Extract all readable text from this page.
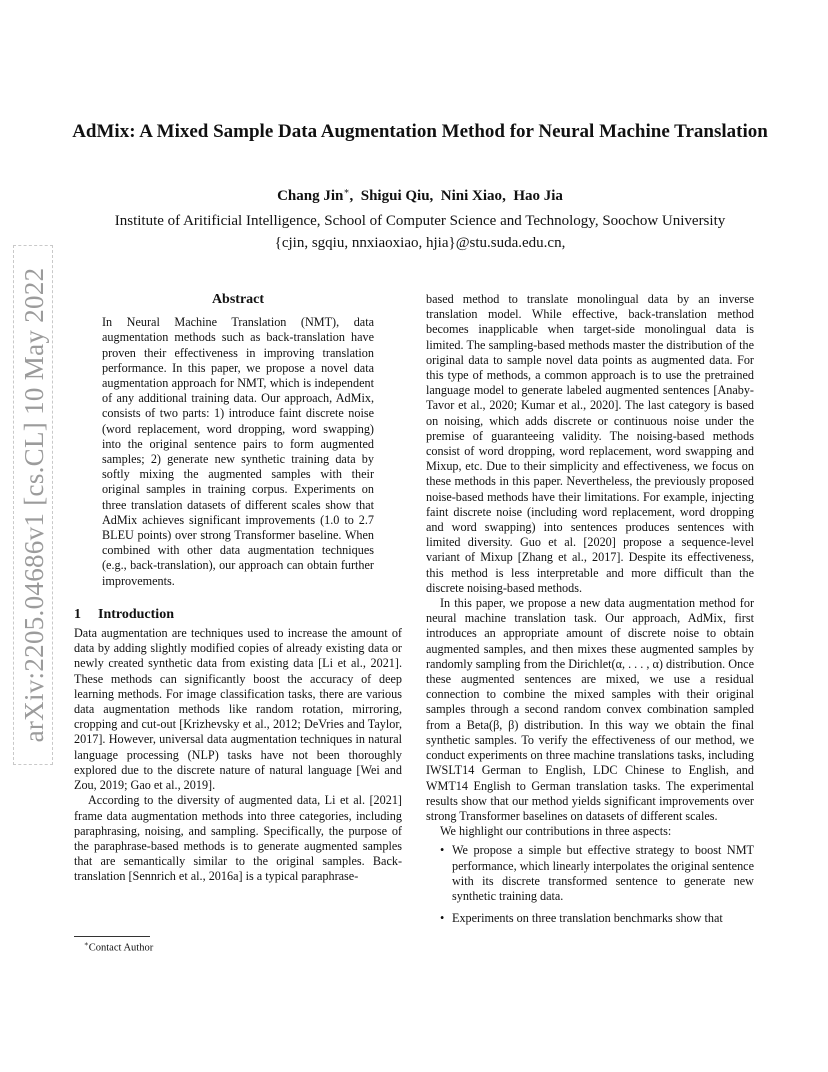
arXiv:2205.04686v1 [cs.CL] 10 May 2022
AdMix: A Mixed Sample Data Augmentation Method for Neural Machine Translation
Chang Jin∗,  Shigui Qiu,  Nini Xiao,  Hao Jia
Institute of Aritificial Intelligence, School of Computer Science and Technology, Soochow University
{cjin, sgqiu, nnxiaoxiao, hjia}@stu.suda.edu.cn,
Abstract

In Neural Machine Translation (NMT), data augmentation methods such as back-translation have proven their effectiveness in improving translation performance. In this paper, we propose a novel data augmentation approach for NMT, which is independent of any additional training data. Our approach, AdMix, consists of two parts: 1) introduce faint discrete noise (word replacement, word dropping, word swapping) into the original sentence pairs to form augmented samples; 2) generate new synthetic training data by softly mixing the augmented samples with their original samples in training corpus. Experiments on three translation datasets of different scales show that AdMix achieves significant improvements (1.0 to 2.7 BLEU points) over strong Transformer baseline. When combined with other data augmentation techniques (e.g., back-translation), our approach can obtain further improvements.

1 Introduction

Data augmentation are techniques used to increase the amount of data by adding slightly modified copies of already existing data or newly created synthetic data from existing data [Li et al., 2021]. These methods can significantly boost the accuracy of deep learning methods. For image classification tasks, there are various data augmentation methods like random rotation, mirroring, cropping and cut-out [Krizhevsky et al., 2012; DeVries and Taylor, 2017]. However, universal data augmentation techniques in natural language processing (NLP) tasks have not been thoroughly explored due to the discrete nature of natural language [Wei and Zou, 2019; Gao et al., 2019].

According to the diversity of augmented data, Li et al. [2021] frame data augmentation methods into three categories, including paraphrasing, noising, and sampling. Specifically, the purpose of the paraphrase-based methods is to generate augmented samples that are semantically similar to the original samples. Back-translation [Sennrich et al., 2016a] is a typical paraphrase-

based method to translate monolingual data by an inverse translation model. While effective, back-translation method becomes inapplicable when target-side monolingual data is limited. The sampling-based methods master the distribution of the original data to sample novel data points as augmented data. For this type of methods, a common approach is to use the pretrained language model to generate labeled augmented sentences [Anaby-Tavor et al., 2020; Kumar et al., 2020]. The last category is based on noising, which adds discrete or continuous noise under the premise of guaranteeing validity. The noising-based methods consist of word dropping, word replacement, word swapping and Mixup, etc. Due to their simplicity and effectiveness, we focus on these methods in this paper. Nevertheless, the previously proposed noise-based methods have their limitations. For example, injecting faint discrete noise (including word replacement, word dropping and word swapping) into sentences produces sentences with limited diversity. Guo et al. [2020] propose a sequence-level variant of Mixup [Zhang et al., 2017]. Despite its effectiveness, this method is less interpretable and more difficult than the discrete noising-based methods.

In this paper, we propose a new data augmentation method for neural machine translation task. Our approach, AdMix, first introduces an appropriate amount of discrete noise to obtain augmented samples, and then mixes these augmented samples by randomly sampling from the Dirichlet(α, . . . , α) distribution. Once these augmented sentences are mixed, we use a residual connection to combine the mixed samples with their original samples through a second random convex combination sampled from a Beta(β, β) distribution. In this way we obtain the final synthetic samples. To verify the effectiveness of our method, we conduct experiments on three machine translations tasks, including IWSLT14 German to English, LDC Chinese to English, and WMT14 English to German translation tasks. The experimental results show that our method yields significant improvements over strong Transformer baselines on datasets of different scales.

We highlight our contributions in three aspects:

• We propose a simple but effective strategy to boost NMT performance, which linearly interpolates the original sentence with its discrete transformed sentence to generate new synthetic training data.
• Experiments on three translation benchmarks show that
∗Contact Author
